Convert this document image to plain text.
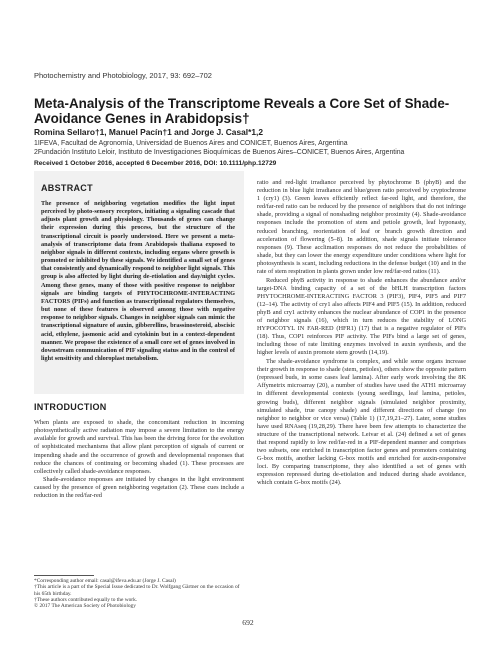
Photochemistry and Photobiology, 2017, 93: 692–702
Meta-Analysis of the Transcriptome Reveals a Core Set of Shade-Avoidance Genes in Arabidopsis†
Romina Sellaro†1, Manuel Pacín†1 and Jorge J. Casal*1,2
1IFEVA, Facultad de Agronomía, Universidad de Buenos Aires and CONICET, Buenos Aires, Argentina
2Fundación Instituto Leloir, Instituto de Investigaciones Bioquímicas de Buenos Aires–CONICET, Buenos Aires, Argentina
Received 1 October 2016, accepted 6 December 2016, DOI: 10.1111/php.12729
ABSTRACT
The presence of neighboring vegetation modifies the light input perceived by photo-sensory receptors, initiating a signaling cascade that adjusts plant growth and physiology. Thousands of genes can change their expression during this process, but the structure of the transcriptional circuit is poorly understood. Here we present a meta-analysis of transcriptome data from Arabidopsis thaliana exposed to neighbor signals in different contexts, including organs where growth is promoted or inhibited by these signals. We identified a small set of genes that consistently and dynamically respond to neighbor light signals. This group is also affected by light during de-etiolation and day/night cycles. Among these genes, many of those with positive response to neighbor signals are binding targets of PHYTOCHROME-INTERACTING FACTORS (PIFs) and function as transcriptional regulators themselves, but none of these features is observed among those with negative response to neighbor signals. Changes in neighbor signals can mimic the transcriptional signature of auxin, gibberellins, brassinosteroid, abscisic acid, ethylene, jasmonic acid and cytokinin but in a context-dependent manner. We propose the existence of a small core set of genes involved in downstream communication of PIF signaling status and in the control of light sensitivity and chloroplast metabolism.
INTRODUCTION

When plants are exposed to shade, the concomitant reduction in incoming photosynthetically active radiation may impose a severe limitation to the energy available for growth and survival. This has been the driving force for the evolution of sophisticated mechanisms that allow plant perception of signals of current or impending shade and the occurrence of growth and developmental responses that reduce the chances of continuing or becoming shaded (1). These processes are collectively called shade-avoidance responses.

Shade-avoidance responses are initiated by changes in the light environment caused by the presence of green neighboring vegetation (2). These cues include a reduction in the red/far-red

ratio and red-light irradiance perceived by phytochrome B (phyB) and the reduction in blue light irradiance and blue/green ratio perceived by cryptochrome 1 (cry1) (3). Green leaves efficiently reflect far-red light, and therefore, the red/far-red ratio can be reduced by the presence of neighbors that do not infringe shade, providing a signal of nonshading neighbor proximity (4). Shade-avoidance responses include the promotion of stem and petiole growth, leaf hyponasty, reduced branching, reorientation of leaf or branch growth direction and acceleration of flowering (5–8). In addition, shade signals initiate tolerance responses (9). These acclimation responses do not reduce the probabilities of shade, but they can lower the energy expenditure under conditions where light for photosynthesis is scant, including reductions in the defense budget (10) and in the rate of stem respiration in plants grown under low red/far-red ratios (11).

Reduced phyB activity in response to shade enhances the abundance and/or target-DNA binding capacity of a set of the bHLH transcription factors PHYTOCHROME-INTERACTING FACTOR 3 (PIF3), PIF4, PIF5 and PIF7 (12–14). The activity of cry1 also affects PIF4 and PIF5 (15). In addition, reduced phyB and cry1 activity enhances the nuclear abundance of COP1 in the presence of neighbor signals (16), which in turn reduces the stability of LONG HYPOCOTYL IN FAR-RED (HFR1) (17) that is a negative regulator of PIFs (18). Thus, COP1 reinforces PIF activity. The PIFs bind a large set of genes, including those of rate limiting enzymes involved in auxin synthesis, and the higher levels of auxin promote stem growth (14,19).

The shade-avoidance syndrome is complex, and while some organs increase their growth in response to shade (stem, petioles), others show the opposite pattern (repressed buds, in some cases leaf lamina). After early work involving the 8K Affymetrix microarray (20), a number of studies have used the ATH1 microarray in different developmental contexts (young seedlings, leaf lamina, petioles, growing buds), different neighbor signals (simulated neighbor proximity, simulated shade, true canopy shade) and different directions of change (no neighbor to neighbor or vice versa) (Table 1) (17,19,21–27). Later, some studies have used RNAseq (19,28,29). There have been few attempts to characterize the structure of the transcriptional network. Leivar et al. (24) defined a set of genes that respond rapidly to low red/far-red in a PIF-dependent manner and comprises two subsets, one enriched in transcription factor genes and promoters containing G-box motifs, another lacking G-box motifs and enriched for auxin-responsive loci. By comparing transcriptome, they also identified a set of genes with expression repressed during de-etiolation and induced during shade avoidance, which contain G-box motifs (24).

*Corresponding author email: casal@ifeva.edu.ar (Jorge J. Casal)
†This article is a part of the Special Issue dedicated to Dr. Wolfgang Gärtner on the occasion of his 65th birthday.
†These authors contributed equally to the work.
© 2017 The American Society of Photobiology
692
